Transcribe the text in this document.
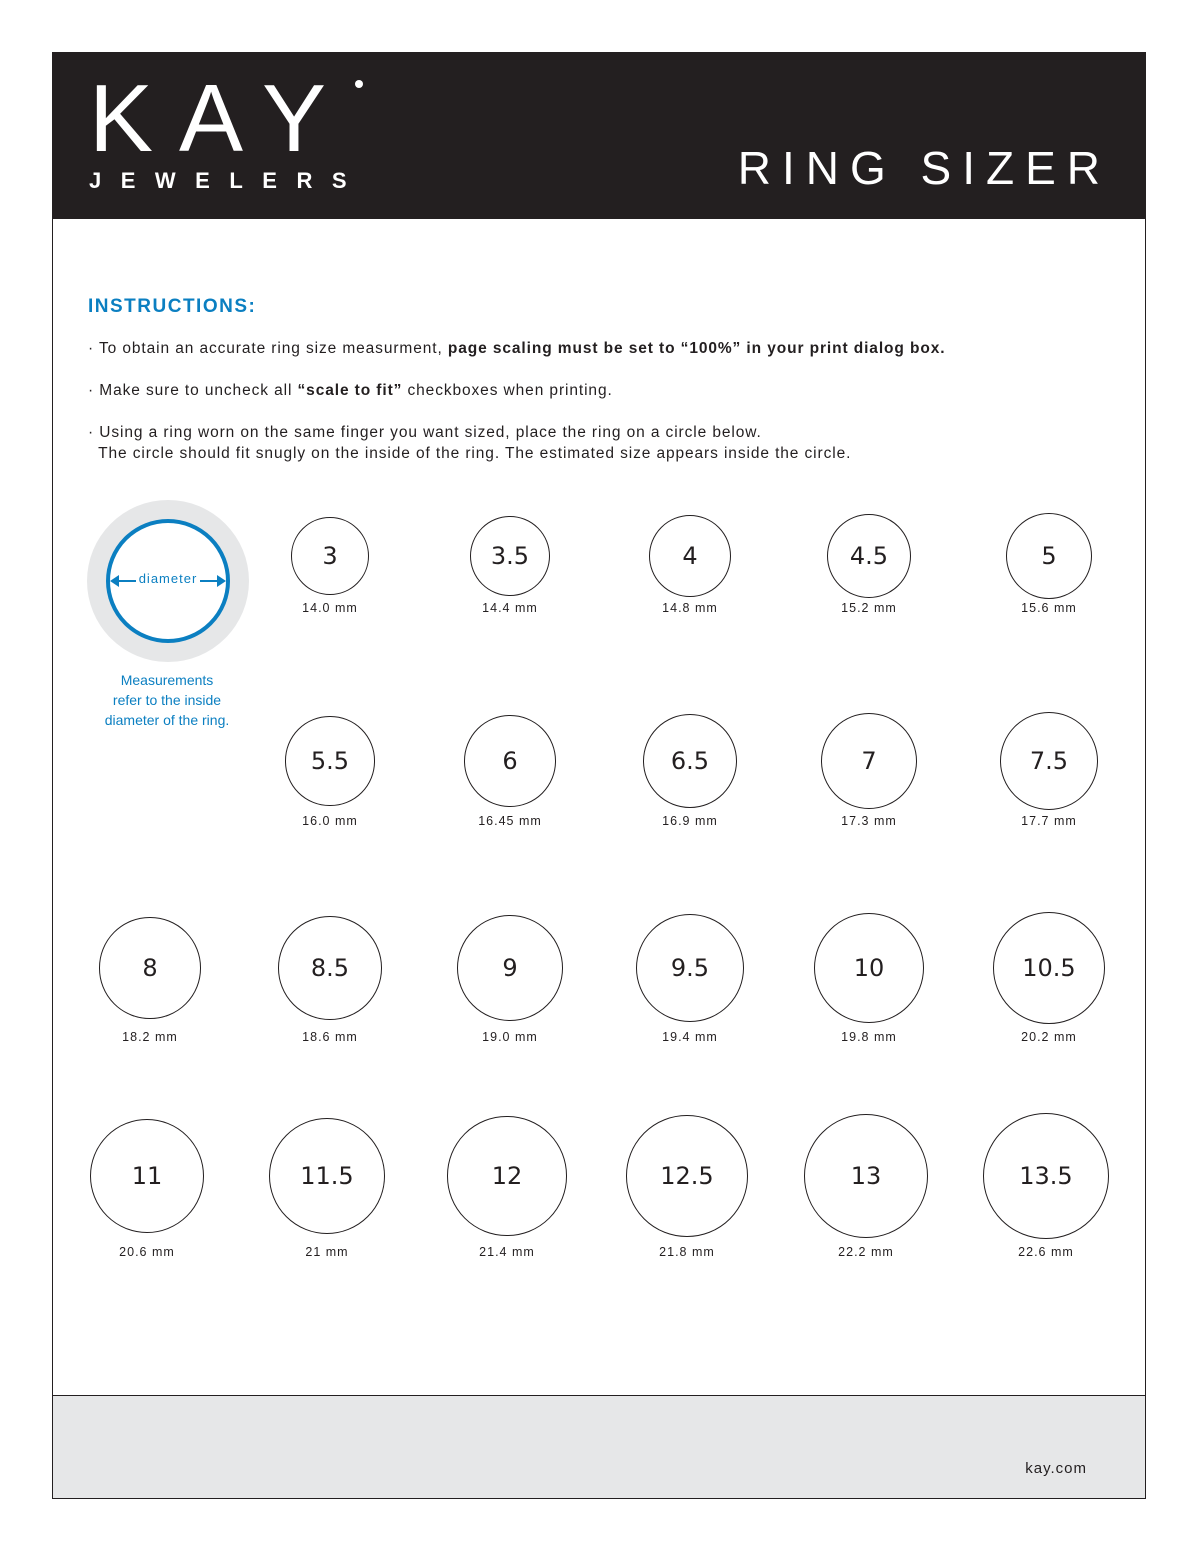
KAY
JEWELERS	RING SIZER
kay.com

INSTRUCTIONS:

· To obtain an accurate ring size measurment, page scaling must be set to “100%” in your print dialog box.

· Make sure to uncheck all “scale to fit” checkboxes when printing.

· Using a ring worn on the same finger you want sized, place the ring on a circle below.

The circle should fit snugly on the inside of the ring. The estimated size appears inside the circle.

diameter
Measurements
refer to the inside
diameter of the ring.
3
14.0 mm
3.5
14.4 mm
4
14.8 mm
4.5
15.2 mm
5
15.6 mm
5.5
16.0 mm
6
16.45 mm
6.5
16.9 mm
7
17.3 mm
7.5
17.7 mm
8
18.2 mm
8.5
18.6 mm
9
19.0 mm
9.5
19.4 mm
10
19.8 mm
10.5
20.2 mm
11
20.6 mm
11.5
21 mm
12
21.4 mm
12.5
21.8 mm
13
22.2 mm
13.5
22.6 mm
